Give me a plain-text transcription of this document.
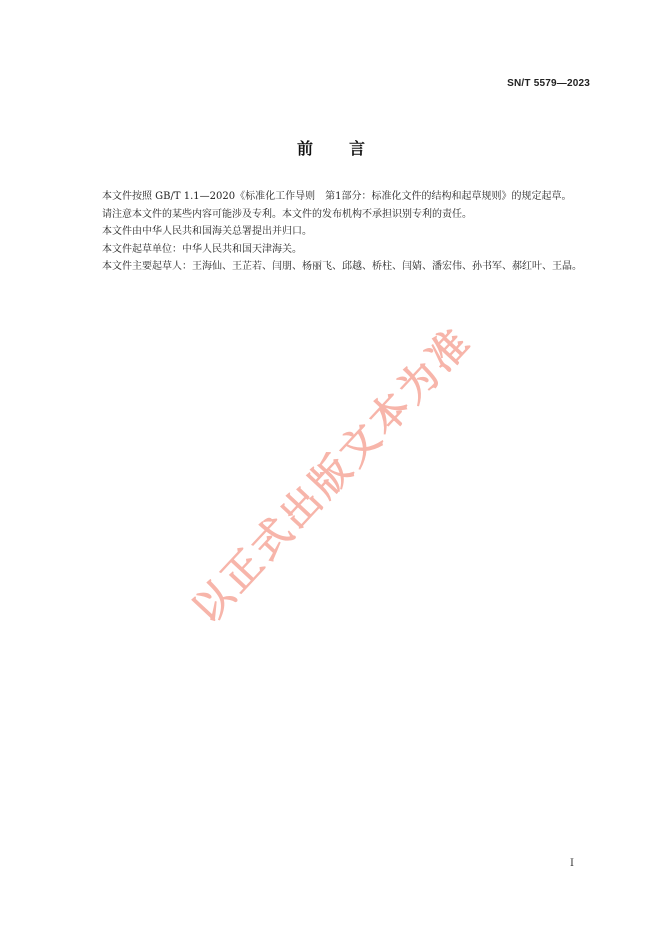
SN/T 5579—2023
前言

本文件按照 GB/T 1.1—2020《标准化工作导则　第1部分：标准化文件的结构和起草规则》的规定起草。

请注意本文件的某些内容可能涉及专利。本文件的发布机构不承担识别专利的责任。

本文件由中华人民共和国海关总署提出并归口。

本文件起草单位：中华人民共和国天津海关。

本文件主要起草人：王海仙、王芷若、闫朋、杨丽飞、邱越、桥柱、闫婧、潘宏伟、孙书军、郝红叶、王晶。

以正式出版文本为准
I
